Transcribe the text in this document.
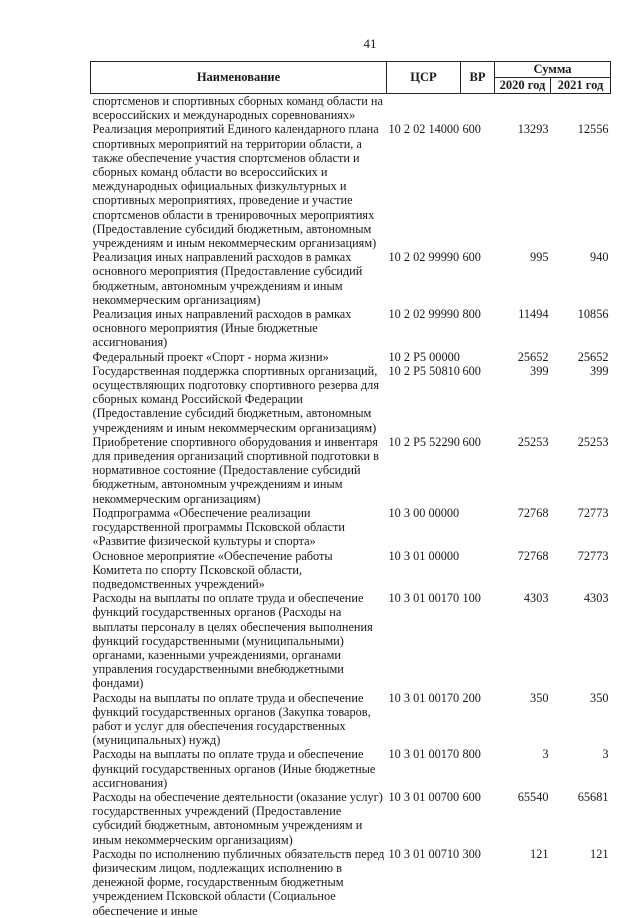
41
Наименование	ЦСР	ВР	Сумма	
			2020 год	2021 год
спортсменов и спортивных сборных команд области на всероссийских и международных соревнованиях»				
Реализация мероприятий Единого календарного плана спортивных мероприятий на территории области, а также обеспечение участия спортсменов области и сборных команд области во всероссийских и международных официальных физкультурных и спортивных мероприятиях, проведение и участие спортсменов области в тренировочных мероприятиях (Предоставление субсидий бюджетным, автономным учреждениям и иным некоммерческим организациям)	10 2 02 14000	600	13293	12556
Реализация иных направлений расходов в рамках основного мероприятия (Предоставление субсидий бюджетным, автономным учреждениям и иным некоммерческим организациям)	10 2 02 99990	600	995	940
Реализация иных направлений расходов в рамках основного мероприятия (Иные бюджетные ассигнования)	10 2 02 99990	800	11494	10856
Федеральный проект «Спорт - норма жизни»	10 2 P5 00000		25652	25652
Государственная поддержка спортивных организаций, осуществляющих подготовку спортивного резерва для сборных команд Российской Федерации (Предоставление субсидий бюджетным, автономным учреждениям и иным некоммерческим организациям)	10 2 P5 50810	600	399	399
Приобретение спортивного оборудования и инвентаря для приведения организаций спортивной подготовки в нормативное состояние (Предоставление субсидий бюджетным, автономным учреждениям и иным некоммерческим организациям)	10 2 P5 52290	600	25253	25253
Подпрограмма «Обеспечение реализации государственной программы Псковской области «Развитие физической культуры и спорта»	10 3 00 00000		72768	72773
Основное мероприятие «Обеспечение работы Комитета по спорту Псковской области, подведомственных учреждений»	10 3 01 00000		72768	72773
Расходы на выплаты по оплате труда и обеспечение функций государственных органов (Расходы на выплаты персоналу в целях обеспечения выполнения функций государственными (муниципальными) органами, казенными учреждениями, органами управления государственными внебюджетными фондами)	10 3 01 00170	100	4303	4303
Расходы на выплаты по оплате труда и обеспечение функций государственных органов (Закупка товаров, работ и услуг для обеспечения государственных (муниципальных) нужд)	10 3 01 00170	200	350	350
Расходы на выплаты по оплате труда и обеспечение функций государственных органов (Иные бюджетные ассигнования)	10 3 01 00170	800	3	3
Расходы на обеспечение деятельности (оказание услуг) государственных учреждений (Предоставление субсидий бюджетным, автономным учреждениям и иным некоммерческим организациям)	10 3 01 00700	600	65540	65681
Расходы по исполнению публичных обязательств перед физическим лицом, подлежащих исполнению в денежной форме, государственным бюджетным учреждением Псковской области (Социальное обеспечение и иные	10 3 01 00710	300	121	121
